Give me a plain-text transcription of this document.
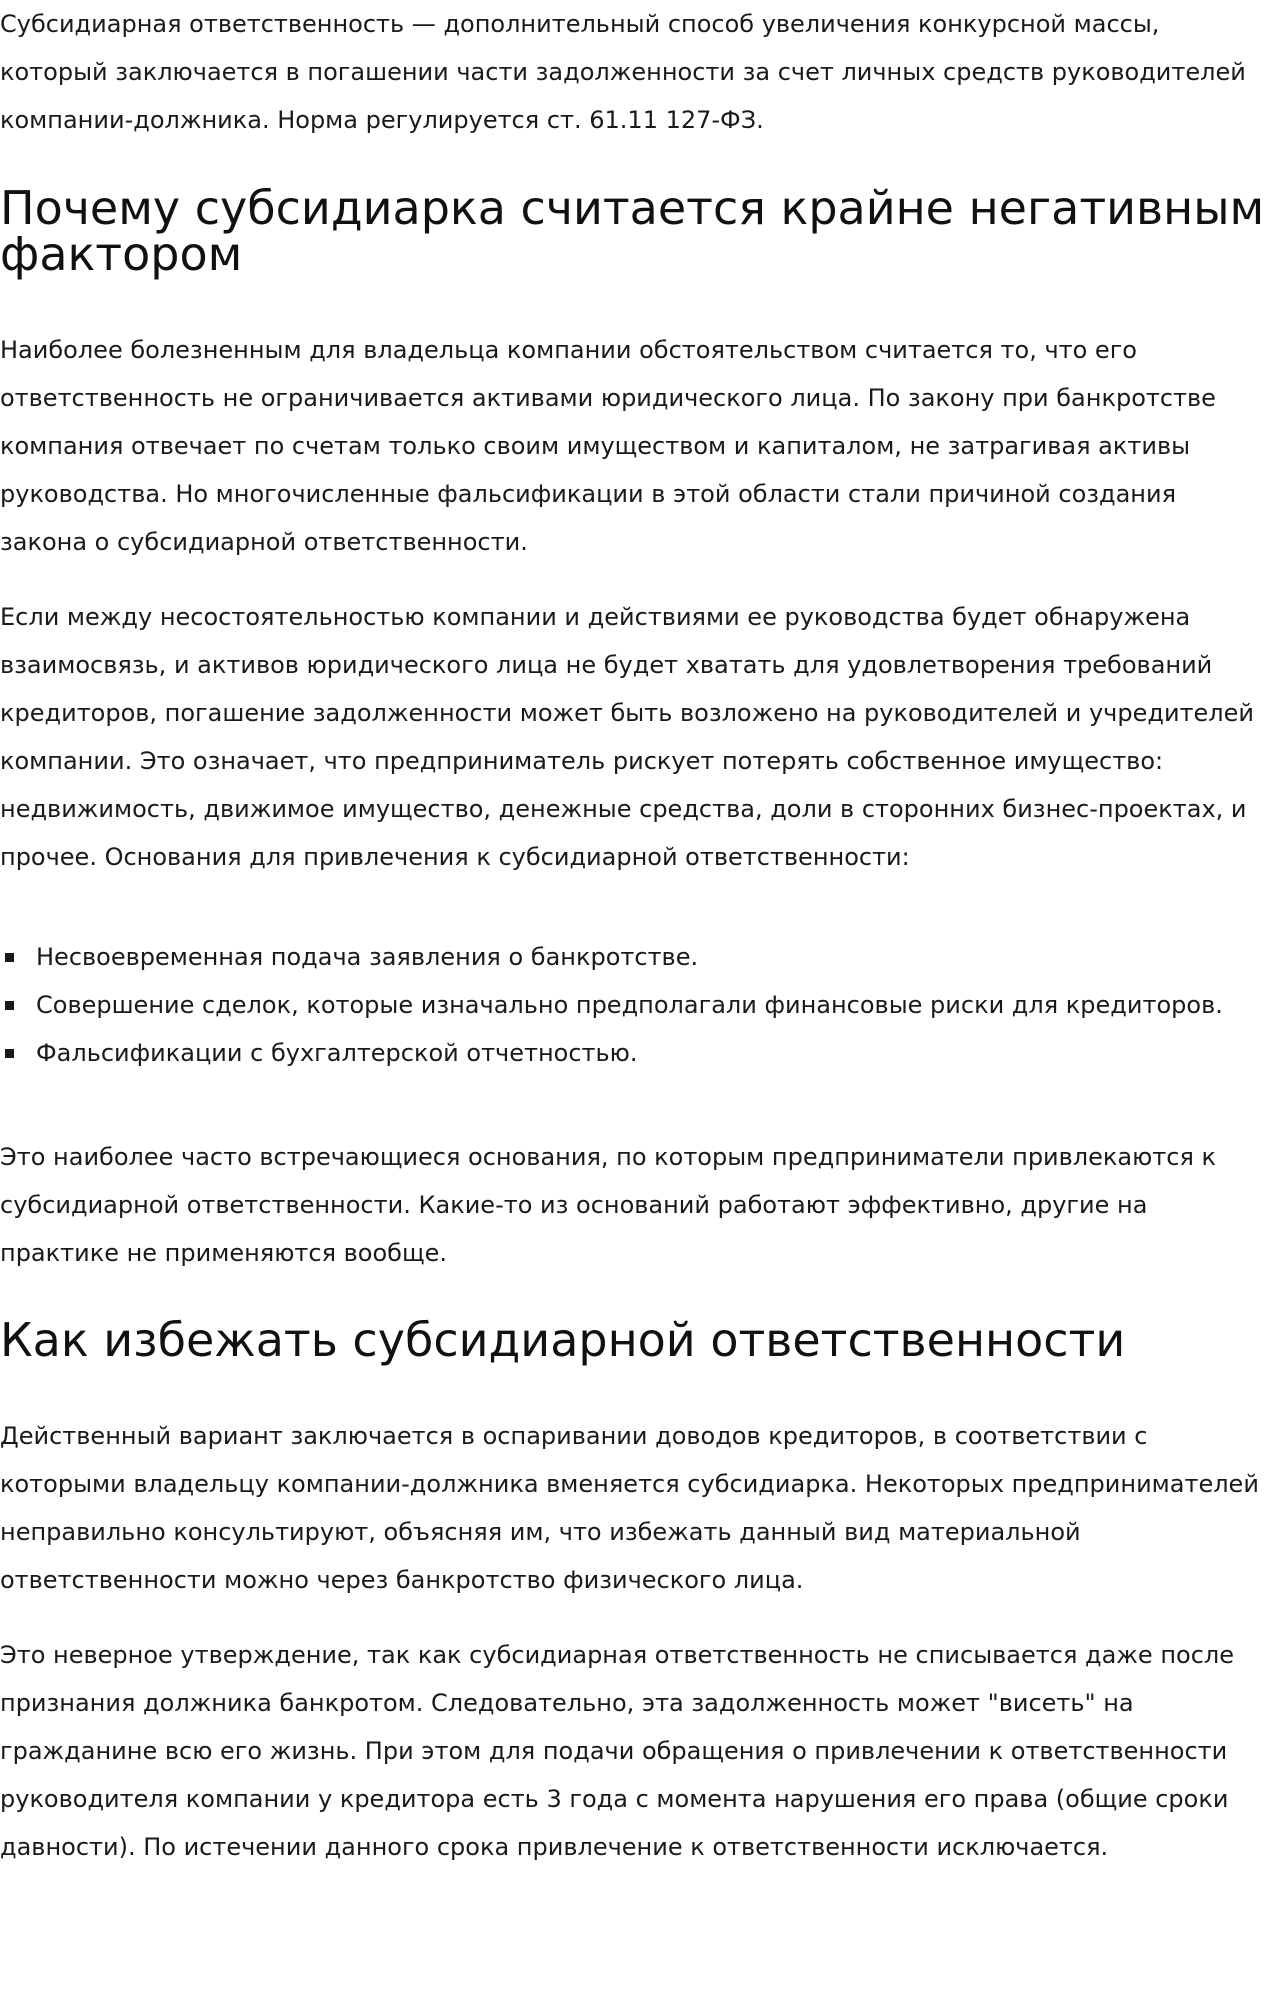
Субсидиарная ответственность — дополнительный способ увеличения конкурсной массы, который заключается в погашении части задолженности за счет личных средств руководителей компании-должника. Норма регулируется ст. 61.11 127-ФЗ.

Почему субсидиарка считается крайне негативным фактором

Наиболее болезненным для владельца компании обстоятельством считается то, что его ответственность не ограничивается активами юридического лица. По закону при банкротстве компания отвечает по счетам только своим имуществом и капиталом, не затрагивая активы руководства. Но многочисленные фальсификации в этой области стали причиной создания закона о субсидиарной ответственности.

Если между несостоятельностью компании и действиями ее руководства будет обнаружена взаимосвязь, и активов юридического лица не будет хватать для удовлетворения требований кредиторов, погашение задолженности может быть возложено на руководителей и учредителей компании. Это означает, что предприниматель рискует потерять собственное имущество: недвижимость, движимое имущество, денежные средства, доли в сторонних бизнес-проектах, и прочее. Основания для привлечения к субсидиарной ответственности:

Несвоевременная подача заявления о банкротстве.
Совершение сделок, которые изначально предполагали финансовые риски для кредиторов.
Фальсификации с бухгалтерской отчетностью.

Это наиболее часто встречающиеся основания, по которым предприниматели привлекаются к субсидиарной ответственности. Какие-то из оснований работают эффективно, другие на практике не применяются вообще.

Как избежать субсидиарной ответственности

Действенный вариант заключается в оспаривании доводов кредиторов, в соответствии с которыми владельцу компании-должника вменяется субсидиарка. Некоторых предпринимателей неправильно консультируют, объясняя им, что избежать данный вид материальной ответственности можно через банкротство физического лица.

Это неверное утверждение, так как субсидиарная ответственность не списывается даже после признания должника банкротом. Следовательно, эта задолженность может "висеть" на гражданине всю его жизнь. При этом для подачи обращения о привлечении к ответственности руководителя компании у кредитора есть 3 года с момента нарушения его права (общие сроки давности). По истечении данного срока привлечение к ответственности исключается.
